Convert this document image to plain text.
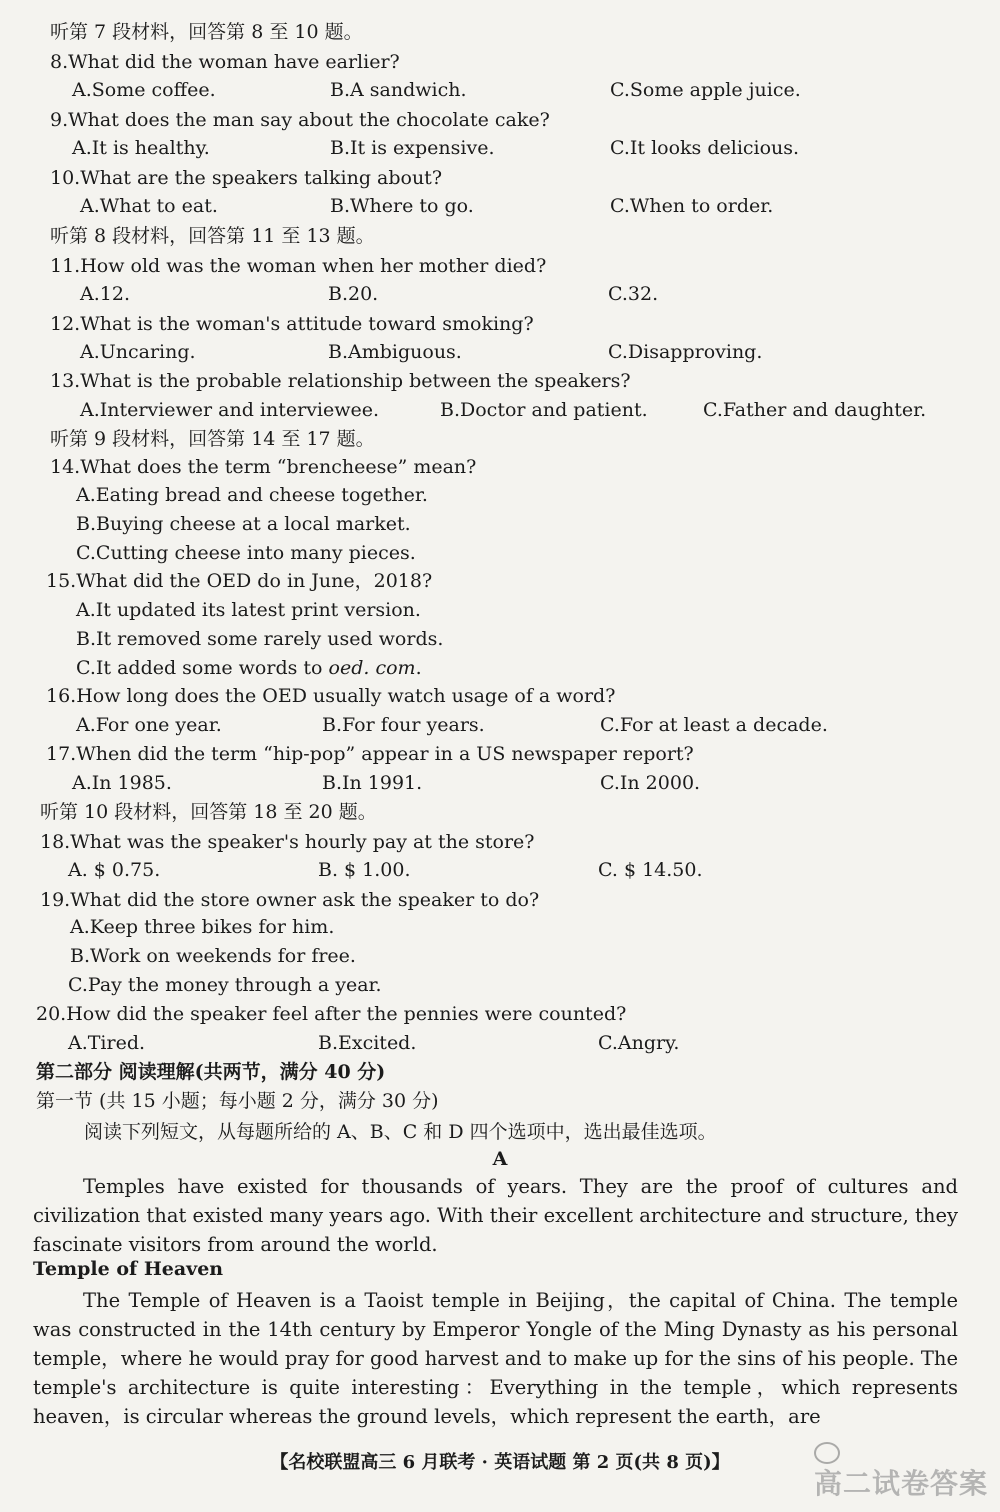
听第 7 段材料，回答第 8 至 10 题。
8.What did the woman have earlier?
A.Some coffee.	B.A sandwich.	C.Some apple juice.
9.What does the man say about the chocolate cake?
A.It is healthy.	B.It is expensive.	C.It looks delicious.
10.What are the speakers talking about?
A.What to eat.	B.Where to go.	C.When to order.
听第 8 段材料，回答第 11 至 13 题。
11.How old was the woman when her mother died?
A.12.	B.20.	C.32.
12.What is the woman's attitude toward smoking?
A.Uncaring.	B.Ambiguous.	C.Disapproving.
13.What is the probable relationship between the speakers?
A.Interviewer and interviewee.	B.Doctor and patient.	C.Father and daughter.
听第 9 段材料，回答第 14 至 17 题。
14.What does the term “brencheese” mean?
A.Eating bread and cheese together.
B.Buying cheese at a local market.
C.Cutting cheese into many pieces.
15.What did the OED do in June，2018?
A.It updated its latest print version.
B.It removed some rarely used words.
C.It added some words to oed. com.
16.How long does the OED usually watch usage of a word?
A.For one year.	B.For four years.	C.For at least a decade.
17.When did the term “hip-pop” appear in a US newspaper report?
A.In 1985.	B.In 1991.	C.In 2000.
听第 10 段材料，回答第 18 至 20 题。
18.What was the speaker's hourly pay at the store?
A. $ 0.75.	B. $ 1.00.	C. $ 14.50.
19.What did the store owner ask the speaker to do?
A.Keep three bikes for him.
B.Work on weekends for free.
C.Pay the money through a year.
20.How did the speaker feel after the pennies were counted?
A.Tired.	B.Excited.	C.Angry.
第二部分 阅读理解(共两节，满分 40 分)
第一节 (共 15 小题；每小题 2 分，满分 30 分)
阅读下列短文，从每题所给的 A、B、C 和 D 四个选项中，选出最佳选项。
A
Temples have existed for thousands of years. They are the proof of cultures and civilization that existed many years ago. With their excellent architecture and structure, they fascinate visitors from around the world.
Temple of Heaven
The Temple of Heaven is a Taoist temple in Beijing，the capital of China. The temple was constructed in the 14th century by Emperor Yongle of the Ming Dynasty as his personal temple，where he would pray for good harvest and to make up for the sins of his people. The temple's architecture is quite interesting：Everything in the temple，which represents heaven，is circular whereas the ground levels，which represent the earth，are
【名校联盟高三 6 月联考 · 英语试题 第 2 页(共 8 页)】
高二试卷答案
